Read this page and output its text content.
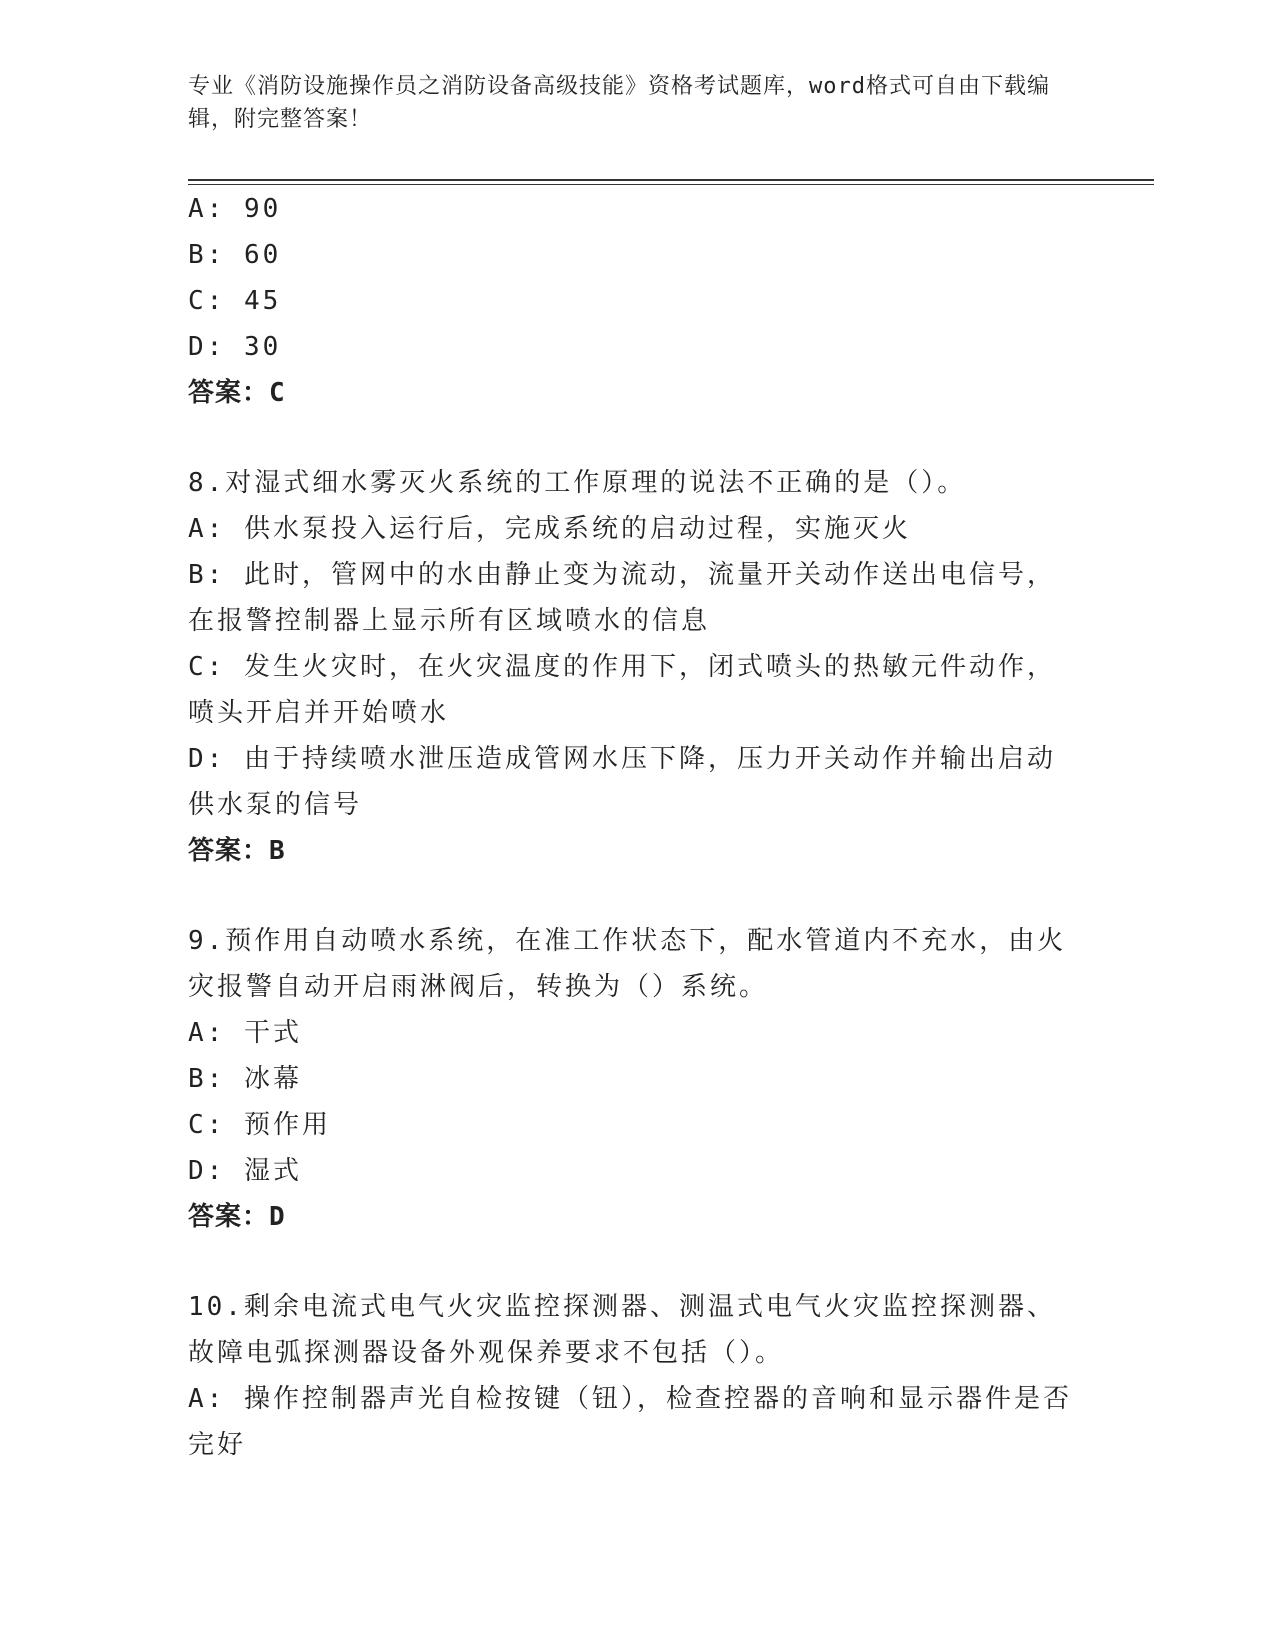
专业《消防设施操作员之消防设备高级技能》资格考试题库，word格式可自由下载编辑，附完整答案！
A: 90
B: 60
C: 45
D: 30
答案：C
8.对湿式细水雾灭火系统的工作原理的说法不正确的是（）。
A: 供水泵投入运行后，完成系统的启动过程，实施灭火
B: 此时，管网中的水由静止变为流动，流量开关动作送出电信号，在报警控制器上显示所有区域喷水的信息
C: 发生火灾时，在火灾温度的作用下，闭式喷头的热敏元件动作，喷头开启并开始喷水
D: 由于持续喷水泄压造成管网水压下降，压力开关动作并输出启动供水泵的信号
答案：B
9.预作用自动喷水系统，在准工作状态下，配水管道内不充水，由火灾报警自动开启雨淋阀后，转换为（）系统。
A: 干式
B: 冰幕
C: 预作用
D: 湿式
答案：D
10.剩余电流式电气火灾监控探测器、测温式电气火灾监控探测器、故障电弧探测器设备外观保养要求不包括（）。
A: 操作控制器声光自检按键（钮），检查控器的音响和显示器件是否完好
